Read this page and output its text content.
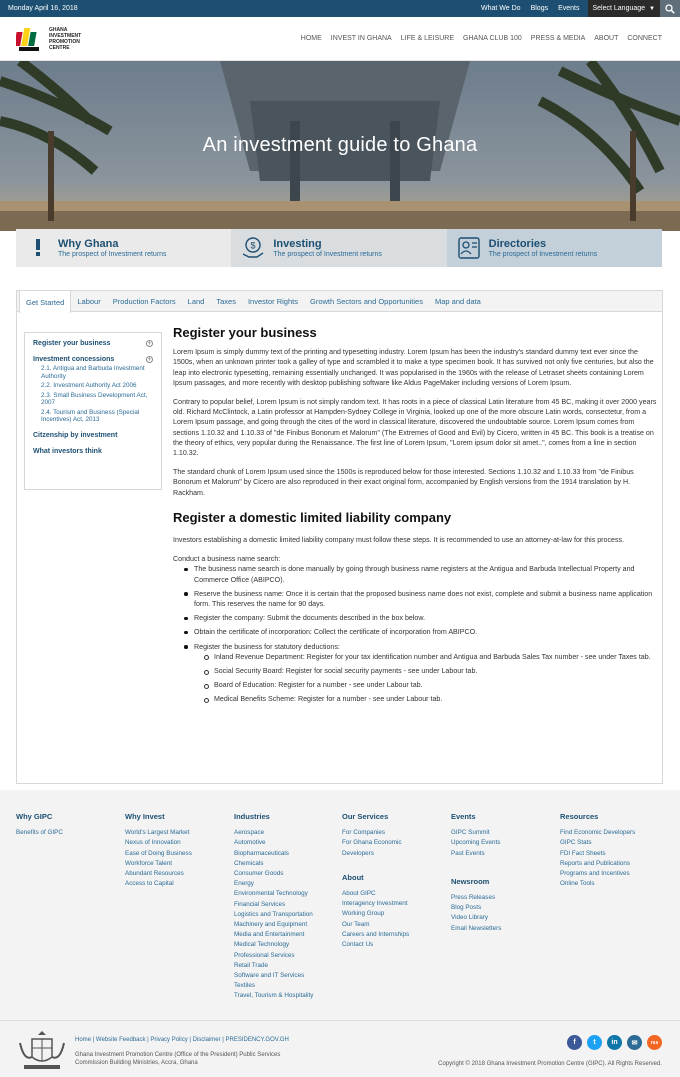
Monday April 16, 2018	What We Do Blogs Events Select Language ▼
GHANA INVESTMENT PROMOTION CENTRE
HOME INVEST IN GHANA LIFE & LEISURE GHANA CLUB 100 PRESS & MEDIA ABOUT CONNECT
An investment guide to Ghana
Why Ghana
The prospect of Investment returns
$ Investing
The prospect of Investment returns
Directories
The prospect of Investment returns
Get Started	Labour	Production Factors	Land	Taxes	Investor Rights	Growth Sectors and Opportunities	Map and data
Register your business	+
Investment concessions	+
2.1. Antigua and Barbuda Investment Authority
2.2. Investment Authority Act 2006
2.3. Small Business Development Act, 2007
2.4. Tourism and Business (Special Incentives) Act, 2013
Citzenship by investment
What investors think
Register your business

Lorem Ipsum is simply dummy text of the printing and typesetting industry. Lorem Ipsum has been the industry's standard dummy text ever since the 1500s, when an unknown printer took a galley of type and scrambled it to make a type specimen book. It has survived not only five centuries, but also the leap into electronic typesetting, remaining essentially unchanged. It was popularised in the 1960s with the release of Letraset sheets containing Lorem Ipsum passages, and more recently with desktop publishing software like Aldus PageMaker including versions of Lorem Ipsum.

Contrary to popular belief, Lorem Ipsum is not simply random text. It has roots in a piece of classical Latin literature from 45 BC, making it over 2000 years old. Richard McClintock, a Latin professor at Hampden-Sydney College in Virginia, looked up one of the more obscure Latin words, consectetur, from a Lorem Ipsum passage, and going through the cites of the word in classical literature, discovered the undoubtable source. Lorem Ipsum comes from sections 1.10.32 and 1.10.33 of "de Finibus Bonorum et Malorum" (The Extremes of Good and Evil) by Cicero, written in 45 BC. This book is a treatise on the theory of ethics, very popular during the Renaissance. The first line of Lorem Ipsum, "Lorem ipsum dolor sit amet..", comes from a line in section 1.10.32.

The standard chunk of Lorem Ipsum used since the 1500s is reproduced below for those interested. Sections 1.10.32 and 1.10.33 from "de Finibus Bonorum et Malorum" by Cicero are also reproduced in their exact original form, accompanied by English versions from the 1914 translation by H. Rackham.

Register a domestic limited liability company

Investors establishing a domestic limited liability company must follow these steps. It is recommended to use an attorney-at-law for this process.

Conduct a business name search:
The business name search is done manually by going through business name registers at the Antigua and Barbuda Intellectual Property and Commerce Office (ABIPCO).
Reserve the business name: Once it is certain that the proposed business name does not exist, complete and submit a business name application form. This reserves the name for 90 days.
Register the company: Submit the documents described in the box below.
Obtain the certificate of incorporation: Collect the certificate of incorporation from ABIPCO.
Register the business for statutory deductions:
Inland Revenue Department: Register for your tax identification number and Antigua and Barbuda Sales Tax number - see under Taxes tab.
Social Security Board: Register for social security payments - see under Labour tab.
Board of Education: Register for a number - see under Labour tab.
Medical Benefits Scheme: Register for a number - see under Labour tab.
Why GIPC
Benefits of GIPC
Why Invest
World's Largest Market
Nexus of Innovation
Ease of Doing Business
Workforce Talent
Abundant Resources
Access to Capital
Industries
Aerospace
Automotive
Biopharmaceuticals
Chemicals
Consumer Goods
Energy
Environmental Technology
Financial Services
Logistics and Transportation
Machinery and Equipment
Media and Entertainment
Medical Technology
Professional Services
Retail Trade
Software and IT Services
Textiles
Travel, Tourism & Hospitality
Our Services
For Companies
For Ghana Economic Developers
About
About GIPC
Interagency Investment Working Group
Our Team
Careers and Internships
Contact Us
Events
GIPC Summit
Upcoming Events
Past Events
Newsroom
Press Releases
Blog Posts
Video Library
Email Newsletters
Resources
Find Economic Developers
GIPC Stats
FDI Fact Sheets
Reports and Publications
Programs and Incentives
Online Tools
Home | Website Feedback | Privacy Policy | Disclaimer | PRESIDENCY.GOV.GH
Ghana Investment Promotion Centre (Office of the President) Public Services
Commission Building Ministries, Accra, Ghana
f	t	in	✉	rss
Copyright © 2018 Ghana Investment Promotion Centre (GIPC). All Rights Reserved.
